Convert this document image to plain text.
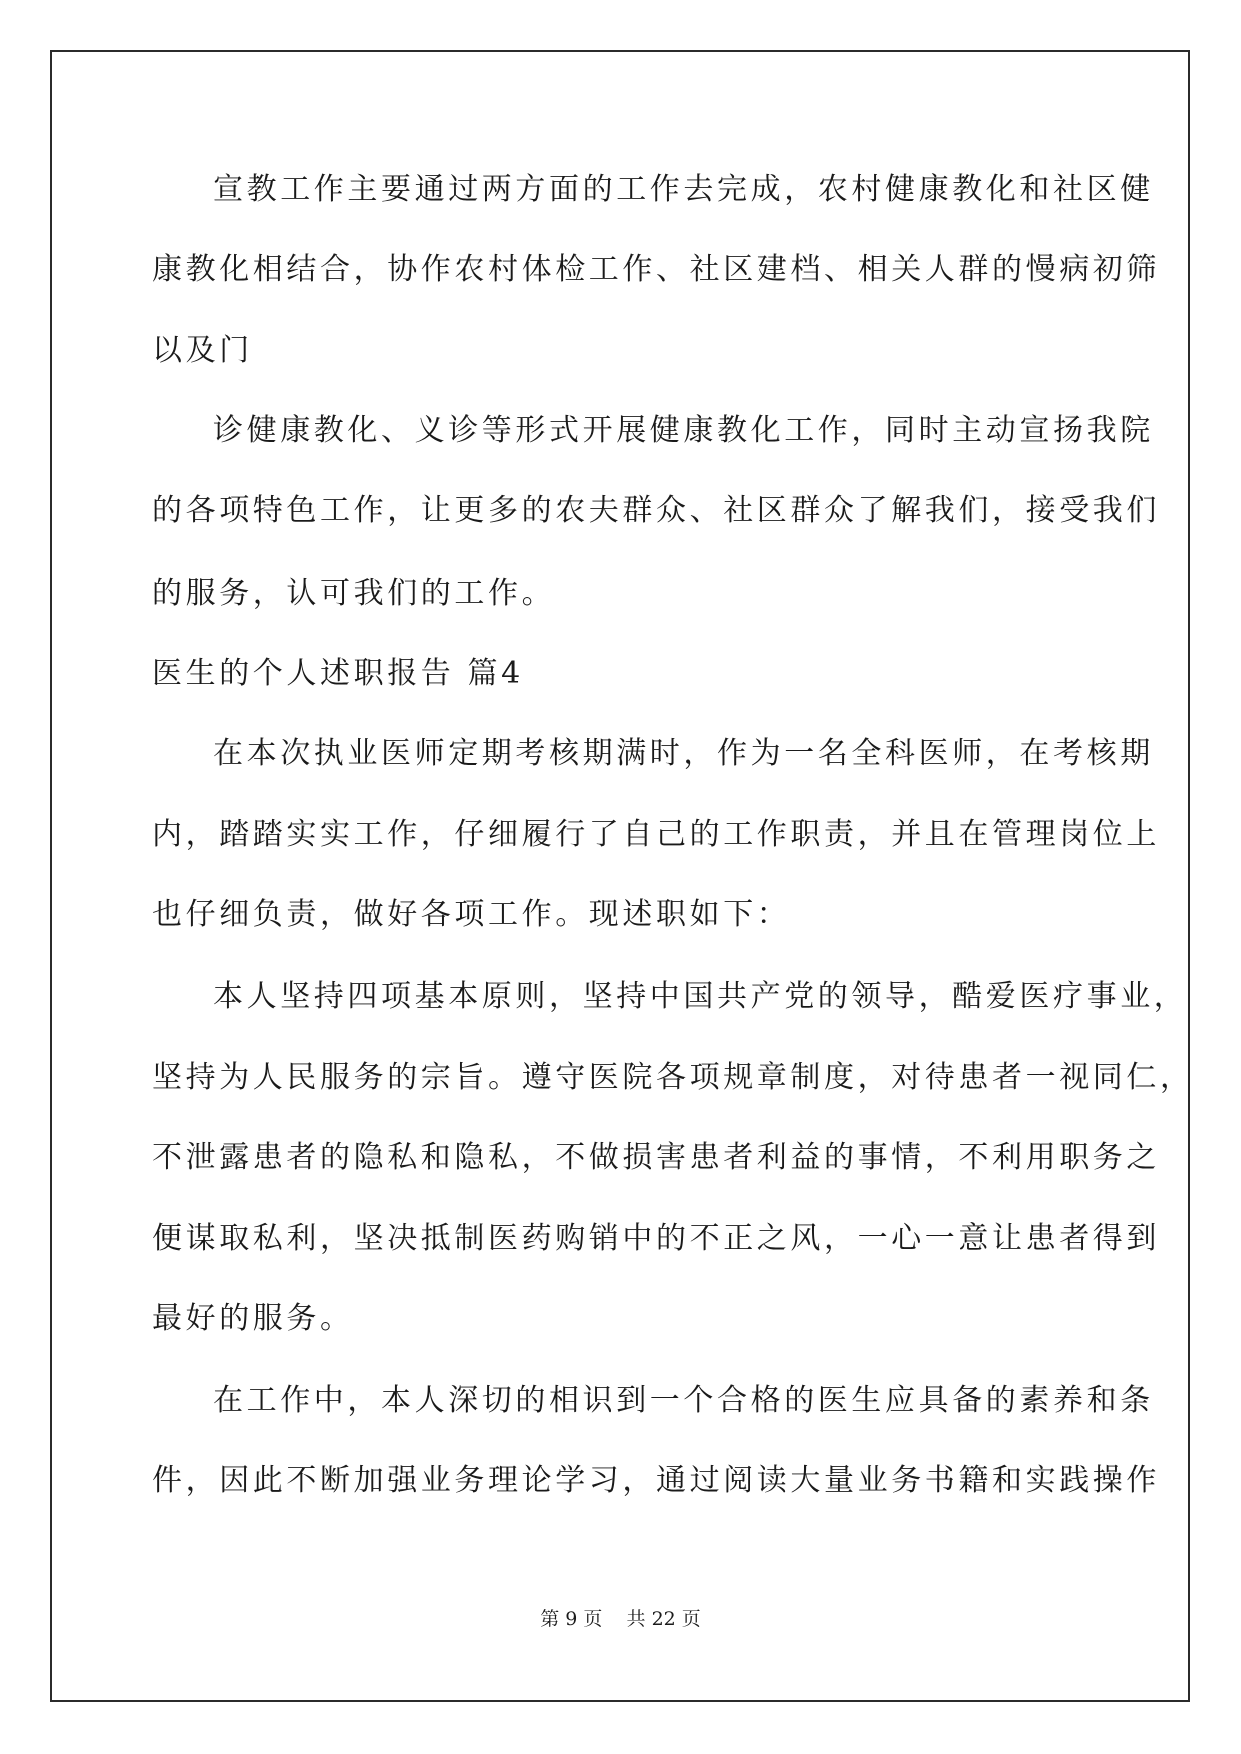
宣教工作主要通过两方面的工作去完成，农村健康教化和社区健
康教化相结合，协作农村体检工作、社区建档、相关人群的慢病初筛
以及门
诊健康教化、义诊等形式开展健康教化工作，同时主动宣扬我院
的各项特色工作，让更多的农夫群众、社区群众了解我们，接受我们
的服务，认可我们的工作。
医生的个人述职报告 篇4
在本次执业医师定期考核期满时，作为一名全科医师，在考核期
内，踏踏实实工作，仔细履行了自己的工作职责，并且在管理岗位上
也仔细负责，做好各项工作。现述职如下：
本人坚持四项基本原则，坚持中国共产党的领导，酷爱医疗事业，
坚持为人民服务的宗旨。遵守医院各项规章制度，对待患者一视同仁，
不泄露患者的隐私和隐私，不做损害患者利益的事情，不利用职务之
便谋取私利，坚决抵制医药购销中的不正之风，一心一意让患者得到
最好的服务。
在工作中，本人深切的相识到一个合格的医生应具备的素养和条
件，因此不断加强业务理论学习，通过阅读大量业务书籍和实践操作
第 9 页 共 22 页
